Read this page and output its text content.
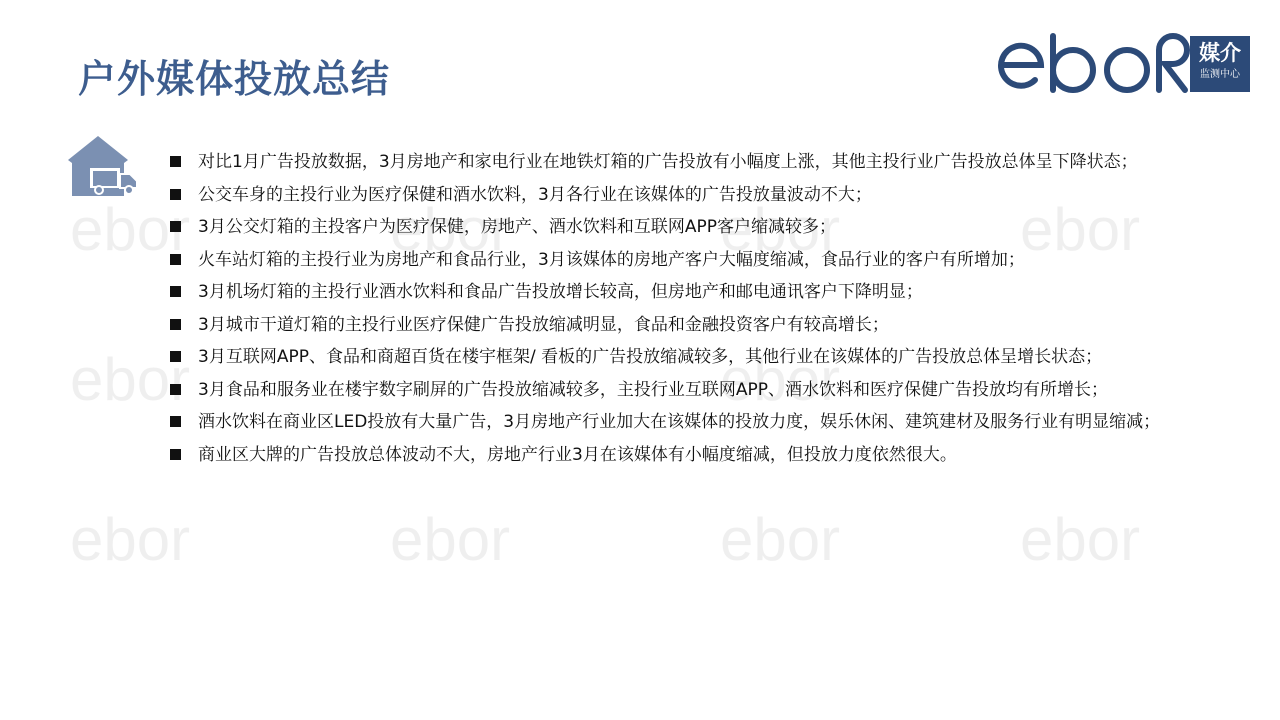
ebor	ebor	ebor	ebor
ebor	ebor
ebor	ebor	ebor	ebor
户外媒体投放总结
媒介
监测中心
对比1月广告投放数据，3月房地产和家电行业在地铁灯箱的广告投放有小幅度上涨，其他主投行业广告投放总体呈下降状态；
公交车身的主投行业为医疗保健和酒水饮料，3月各行业在该媒体的广告投放量波动不大；
3月公交灯箱的主投客户为医疗保健，房地产、酒水饮料和互联网APP客户缩减较多；
火车站灯箱的主投行业为房地产和食品行业，3月该媒体的房地产客户大幅度缩减，食品行业的客户有所增加；
3月机场灯箱的主投行业酒水饮料和食品广告投放增长较高，但房地产和邮电通讯客户下降明显；
3月城市干道灯箱的主投行业医疗保健广告投放缩减明显，食品和金融投资客户有较高增长；
3月互联网APP、食品和商超百货在楼宇框架/ 看板的广告投放缩减较多，其他行业在该媒体的广告投放总体呈增长状态；
3月食品和服务业在楼宇数字刷屏的广告投放缩减较多，主投行业互联网APP、酒水饮料和医疗保健广告投放均有所增长；
酒水饮料在商业区LED投放有大量广告，3月房地产行业加大在该媒体的投放力度，娱乐休闲、建筑建材及服务行业有明显缩减；
商业区大牌的广告投放总体波动不大，房地产行业3月在该媒体有小幅度缩减，但投放力度依然很大。
